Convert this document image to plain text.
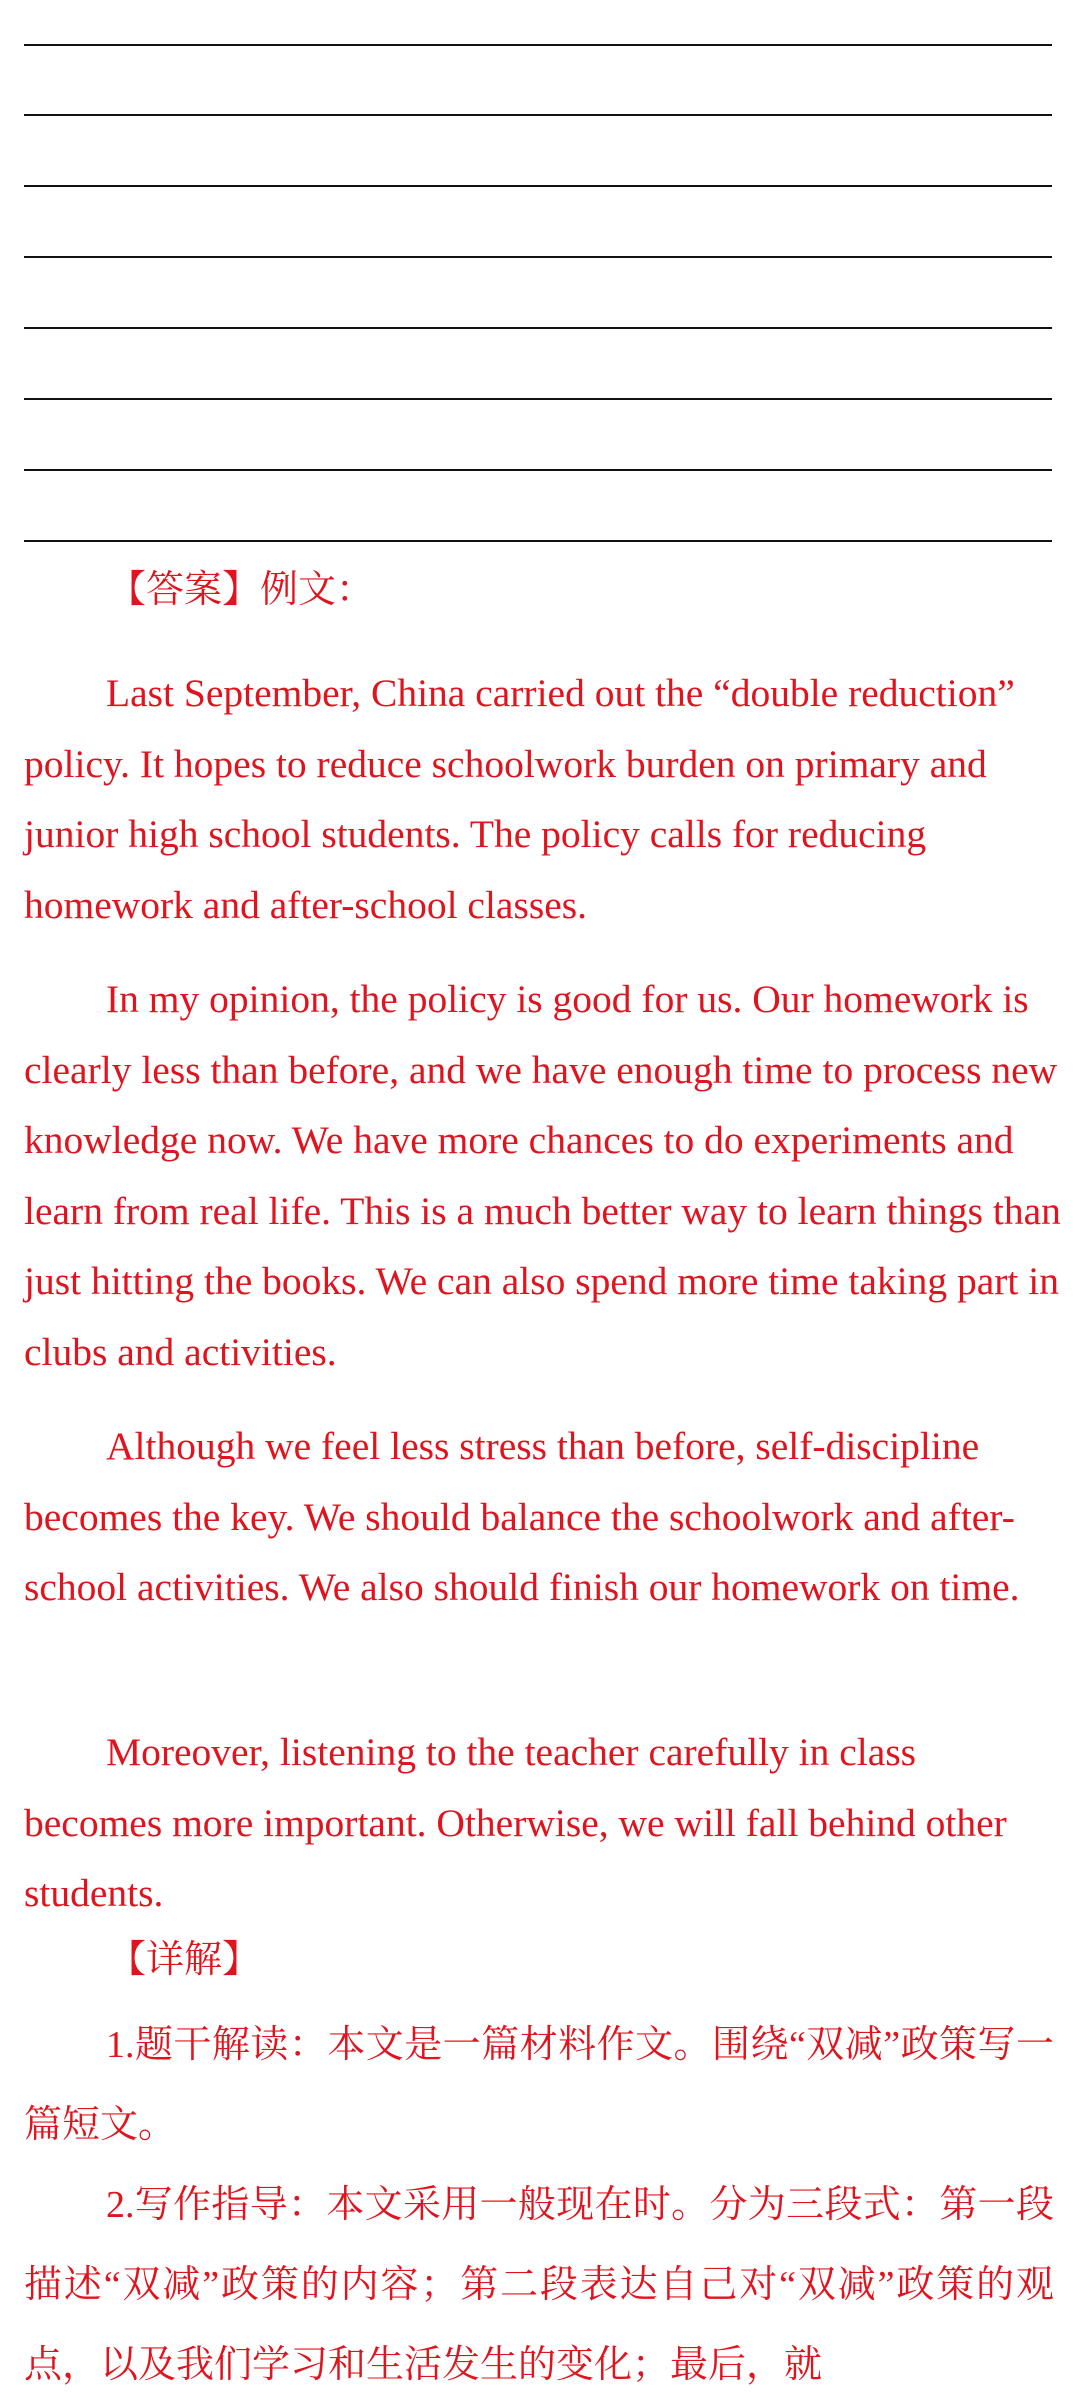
【答案】例文：

Last September, China carried out the “double reduction” policy. It hopes to reduce schoolwork burden on primary and junior high school students. The policy calls for reducing homework and after-school classes.

In my opinion, the policy is good for us. Our homework is clearly less than before, and we have enough time to process new knowledge now. We have more chances to do experiments and learn from real life. This is a much better way to learn things than just hitting the books. We can also spend more time taking part in clubs and activities.

Although we feel less stress than before, self-discipline becomes the key. We should balance the schoolwork and after-school activities. We also should finish our homework on time.

Moreover, listening to the teacher carefully in class becomes more important. Otherwise, we will fall behind other students.

【详解】

1.题干解读：本文是一篇材料作文。围绕“双减”政策写一篇短文。

2.写作指导：本文采用一般现在时。分为三段式：第一段描述“双减”政策的内容；第二段表达自己对“双减”政策的观点，以及我们学习和生活发生的变化；最后，就
